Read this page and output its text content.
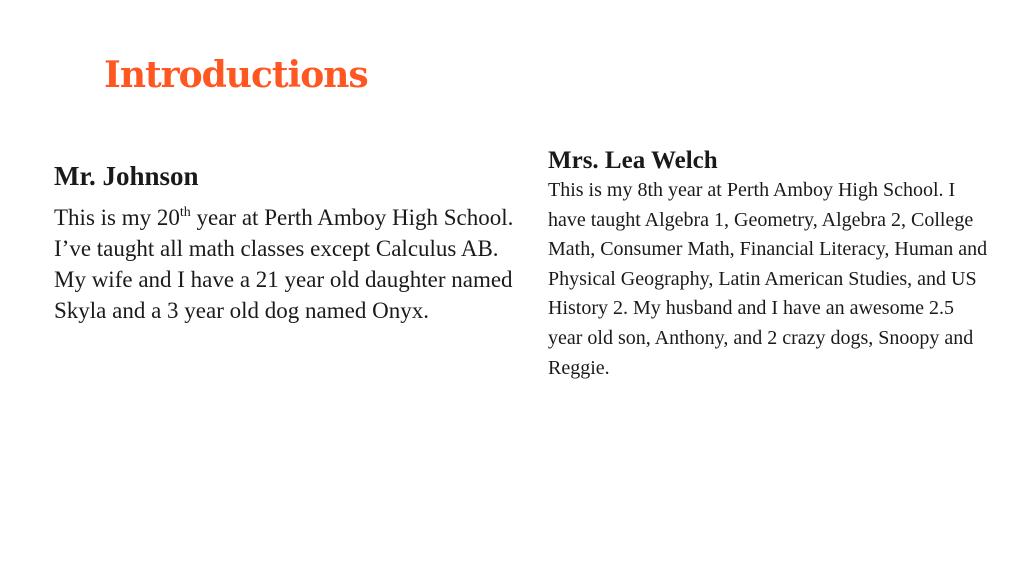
Introductions

Mr. Johnson

This is my 20th year at Perth Amboy High School. I’ve taught all math classes except Calculus AB. My wife and I have a 21 year old daughter named Skyla and a 3 year old dog named Onyx.

Mrs. Lea Welch

This is my 8th year at Perth Amboy High School. I have taught Algebra 1, Geometry, Algebra 2, College Math, Consumer Math, Financial Literacy, Human and Physical Geography, Latin American Studies, and US History 2. My husband and I have an awesome 2.5 year old son, Anthony, and 2 crazy dogs, Snoopy and Reggie.
